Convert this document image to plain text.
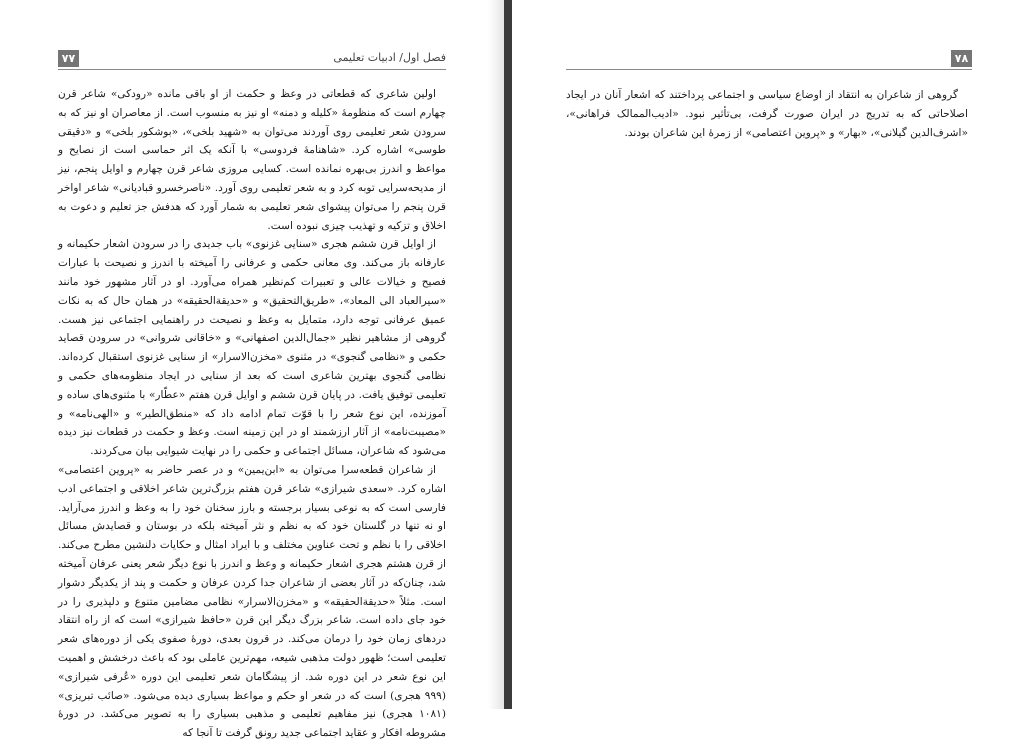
۷۷	فصل اول/ ادبیات تعلیمی

اولین شاعری که قطعاتی در وعظ و حکمت از او باقی مانده «رودکی» شاعر قرن چهارم است که منظومهٔ «کلیله و دمنه» او نیز به منسوب است. از معاصران او نیز که به سرودن شعر تعلیمی روی آوردند می‌توان به «شهید بلخی»، «بوشکور بلخی» و «دقیقی طوسی» اشاره کرد. «شاهنامهٔ فردوسی» با آنکه یک اثر حماسی است از نصایح و مواعظ و اندرز بی‌بهره نمانده است. کسایی مروزی شاعر قرن چهارم و اوایل پنجم، نیز از مدیحه‌سرایی توبه کرد و به شعر تعلیمی روی آورد. «ناصرخسرو قبادیانی» شاعر اواخر قرن پنجم را می‌توان پیشوای شعر تعلیمی به شمار آورد که هدفش جز تعلیم و دعوت به اخلاق و تزکیه و تهذیب چیزی نبوده است.

از اوایل قرن ششم هجری «سنایی غزنوی» باب جدیدی را در سرودن اشعار حکیمانه و عارفانه باز می‌کند. وی معانی حکمی و عرفانی را آمیخته با اندرز و نصیحت با عبارات فصیح و خیالات عالی و تعبیرات کم‌نظیر همراه می‌آورد. او در آثار مشهور خود مانند «سیرالعباد الی المعاد»، «طریق‌التحقیق» و «حدیقةالحقیقه» در همان حال که به نکات عمیق عرفانی توجه دارد، متمایل به وعظ و نصیحت در راهنمایی اجتماعی نیز هست. گروهی از مشاهیر نظیر «جمال‌الدین اصفهانی» و «خاقانی شروانی» در سرودن قصاید حکمی و «نظامی گنجوی» در مثنوی «مخزن‌الاسرار» از سنایی غزنوی استقبال کرده‌اند. نظامی گنجوی بهترین شاعری است که بعد از سنایی در ایجاد منظومه‌های حکمی و تعلیمی توفیق یافت. در پایان قرن ششم و اوایل قرن هفتم «عطّار» با مثنوی‌های ساده و آموزنده، این نوع شعر را با قوّت تمام ادامه داد که «منطق‌الطیر» و «الهی‌نامه» و «مصیبت‌نامه» از آثار ارزشمند او در این زمینه است. وعظ و حکمت در قطعات نیز دیده می‌شود که شاعران، مسائل اجتماعی و حکمی را در نهایت شیوایی بیان می‌کردند.

از شاعران قطعه‌سرا می‌توان به «ابن‌یمین» و در عصر حاضر به «پروین اعتصامی» اشاره کرد. «سعدی شیرازی» شاعر قرن هفتم بزرگ‌ترین شاعر اخلاقی و اجتماعی ادب فارسی است که به نوعی بسیار برجسته و بارز سخنان خود را به وعظ و اندرز می‌آراید. او نه تنها در گلستان خود که به نظم و نثر آمیخته بلکه در بوستان و قصایدش مسائل اخلاقی را با نظم و تحت عناوین مختلف و با ایراد امثال و حکایات دلنشین مطرح می‌کند. از قرن هشتم هجری اشعار حکیمانه و وعظ و اندرز با نوع دیگر شعر یعنی عرفان آمیخته شد، چنان‌که در آثار بعضی از شاعران جدا کردن عرفان و حکمت و پند از یکدیگر دشوار است. مثلاً «حدیقةالحقیقه» و «مخزن‌الاسرار» نظامی مضامین متنوع و دلپذیری را در خود جای داده است. شاعر بزرگ دیگر این قرن «حافظ شیرازی» است که از راه انتقاد دردهای زمان خود را درمان می‌کند. در قرون بعدی، دورهٔ صفوی یکی از دوره‌های شعر تعلیمی است؛ ظهور دولت مذهبی شیعه، مهم‌ترین عاملی بود که باعث درخشش و اهمیت این نوع شعر در این دوره شد. از پیشگامان شعر تعلیمی این دوره «عُرفی شیرازی» (۹۹۹ هجری) است که در شعر او حکم و مواعظ بسیاری دیده می‌شود. «صائب تبریزی» (۱۰۸۱ هجری) نیز مفاهیم تعلیمی و مذهبی بسیاری را به تصویر می‌کشد. در دورهٔ مشروطه افکار و عقاید اجتماعی جدید رونق گرفت تا آنجا که

۷۸

گروهی از شاعران به انتقاد از اوضاع سیاسی و اجتماعی پرداختند که اشعار آنان در ایجاد اصلاحاتی که به تدریج در ایران صورت گرفت، بی‌تأثیر نبود. «ادیب‌الممالک فراهانی»، «اشرف‌الدین گیلانی»، «بهار» و «پروین اعتصامی» از زمرهٔ این شاعران بودند.
